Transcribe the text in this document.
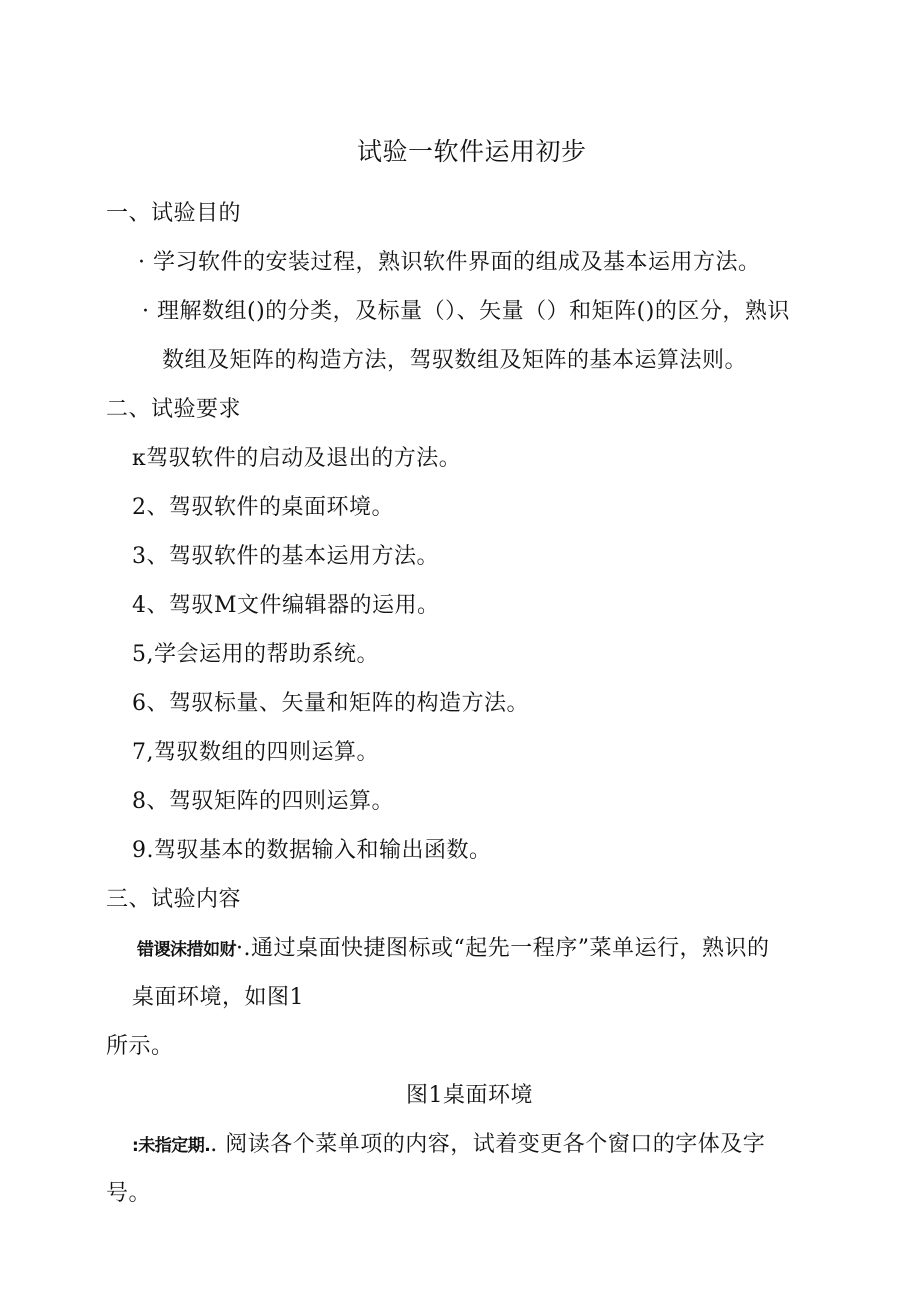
试验一软件运用初步
一、试验目的
· 学习软件的安装过程，熟识软件界面的组成及基本运用方法。
· 理解数组()的分类，及标量（）、矢量（）和矩阵()的区分，熟识
数组及矩阵的构造方法，驾驭数组及矩阵的基本运算法则。
二、试验要求
κ驾驭软件的启动及退出的方法。
2、驾驭软件的桌面环境。
3、驾驭软件的基本运用方法。
4、驾驭M文件编辑器的运用。
5,学会运用的帮助系统。
6、驾驭标量、矢量和矩阵的构造方法。
7,驾驭数组的四则运算。
8、驾驭矩阵的四则运算。
9.驾驭基本的数据输入和输出函数。
三、试验内容
错谡沫措如财·.通过桌面快捷图标或“起先一程序”菜单运行，熟识的
桌面环境，如图1
所示。
图1桌面环境
:未指定期.. 阅读各个菜单项的内容，试着变更各个窗口的字体及字
号。
